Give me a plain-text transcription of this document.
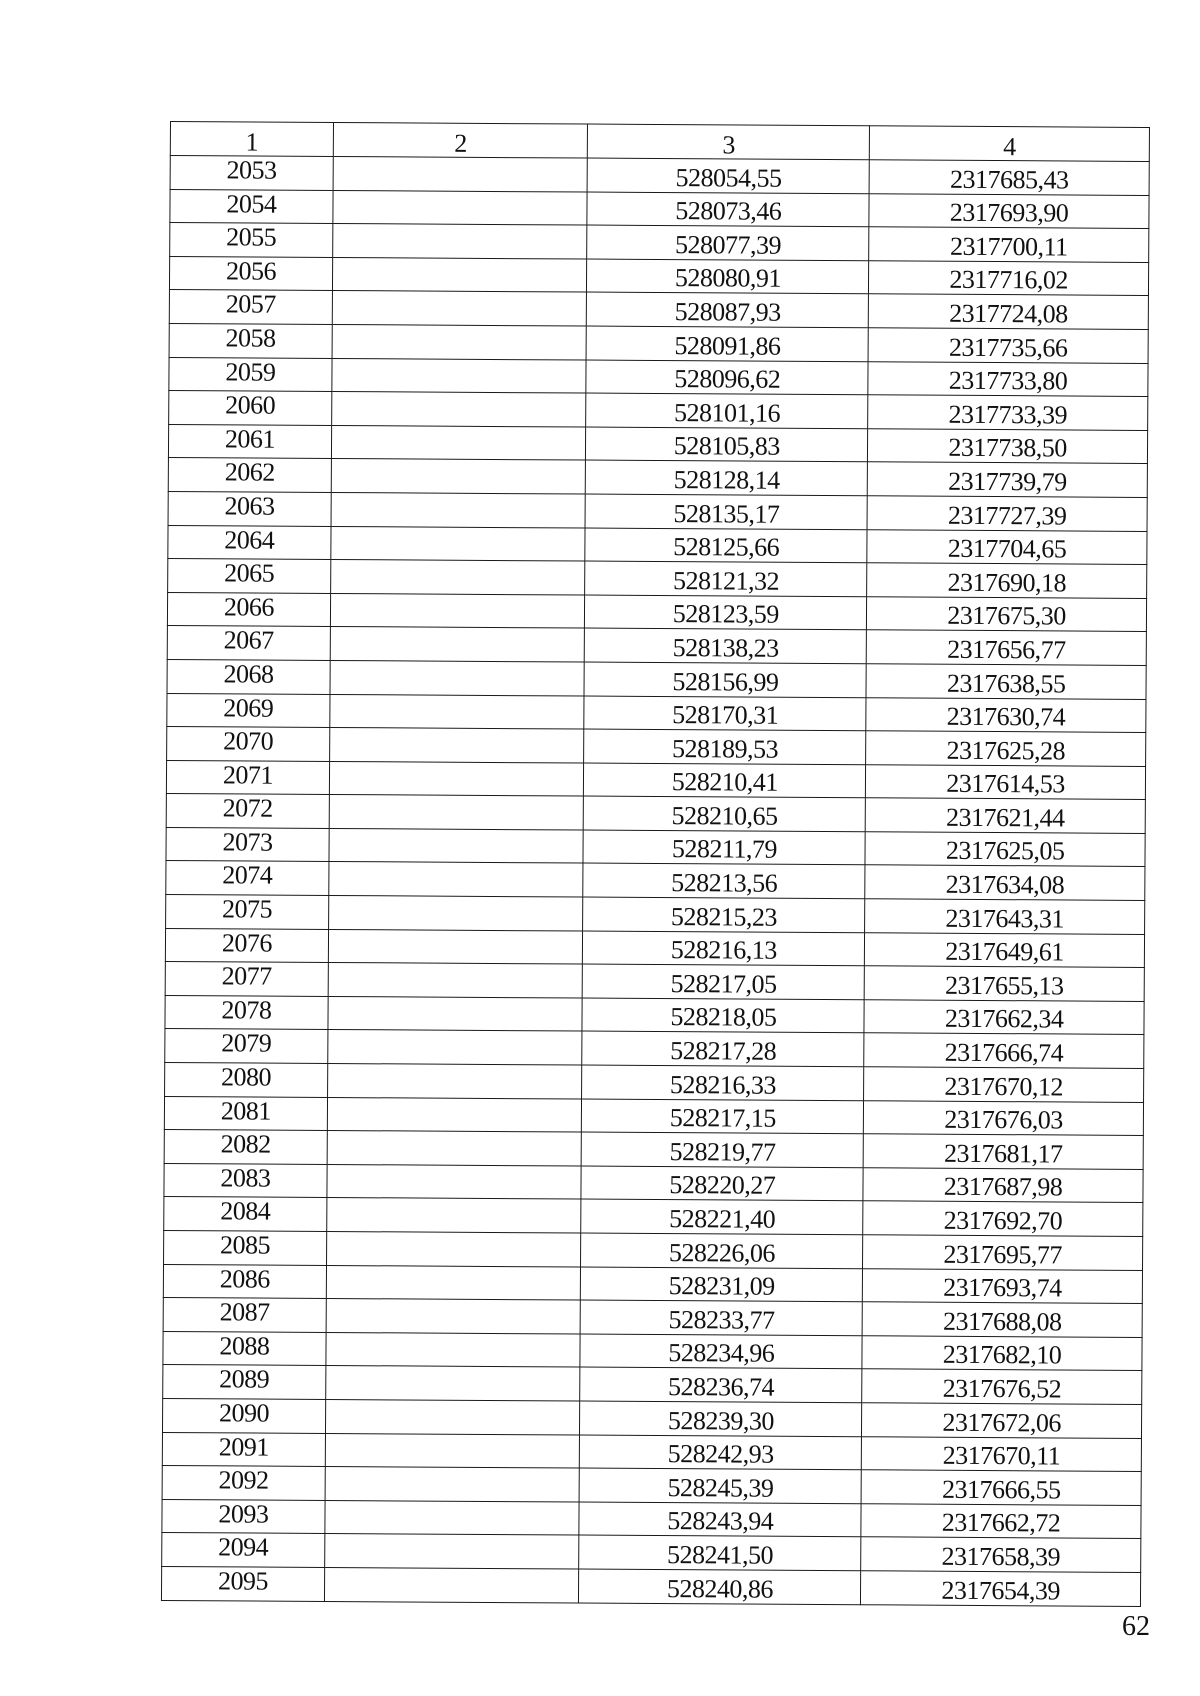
1	2	3	4
2053		528054,55	2317685,43
2054		528073,46	2317693,90
2055		528077,39	2317700,11
2056		528080,91	2317716,02
2057		528087,93	2317724,08
2058		528091,86	2317735,66
2059		528096,62	2317733,80
2060		528101,16	2317733,39
2061		528105,83	2317738,50
2062		528128,14	2317739,79
2063		528135,17	2317727,39
2064		528125,66	2317704,65
2065		528121,32	2317690,18
2066		528123,59	2317675,30
2067		528138,23	2317656,77
2068		528156,99	2317638,55
2069		528170,31	2317630,74
2070		528189,53	2317625,28
2071		528210,41	2317614,53
2072		528210,65	2317621,44
2073		528211,79	2317625,05
2074		528213,56	2317634,08
2075		528215,23	2317643,31
2076		528216,13	2317649,61
2077		528217,05	2317655,13
2078		528218,05	2317662,34
2079		528217,28	2317666,74
2080		528216,33	2317670,12
2081		528217,15	2317676,03
2082		528219,77	2317681,17
2083		528220,27	2317687,98
2084		528221,40	2317692,70
2085		528226,06	2317695,77
2086		528231,09	2317693,74
2087		528233,77	2317688,08
2088		528234,96	2317682,10
2089		528236,74	2317676,52
2090		528239,30	2317672,06
2091		528242,93	2317670,11
2092		528245,39	2317666,55
2093		528243,94	2317662,72
2094		528241,50	2317658,39
2095		528240,86	2317654,39
62
